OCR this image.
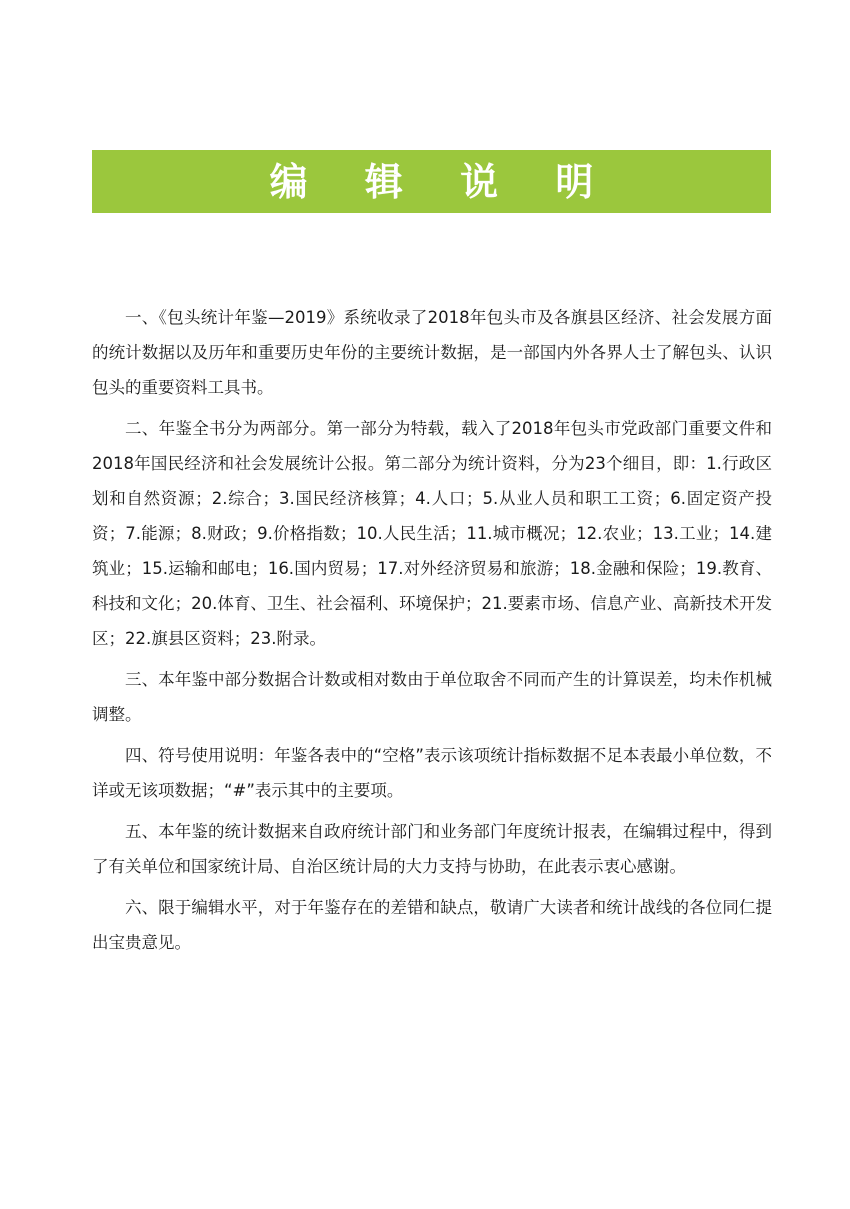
编 辑 说 明

一、《包头统计年鉴—2019》系统收录了2018年包头市及各旗县区经济、社会发展方面的统计数据以及历年和重要历史年份的主要统计数据，是一部国内外各界人士了解包头、认识包头的重要资料工具书。

二、年鉴全书分为两部分。第一部分为特载，载入了2018年包头市党政部门重要文件和2018年国民经济和社会发展统计公报。第二部分为统计资料，分为23个细目，即：1.行政区划和自然资源；2.综合；3.国民经济核算；4.人口；5.从业人员和职工工资；6.固定资产投资；7.能源；8.财政；9.价格指数；10.人民生活；11.城市概况；12.农业；13.工业；14.建筑业；15.运输和邮电；16.国内贸易；17.对外经济贸易和旅游；18.金融和保险；19.教育、科技和文化；20.体育、卫生、社会福利、环境保护；21.要素市场、信息产业、高新技术开发区；22.旗县区资料；23.附录。

三、本年鉴中部分数据合计数或相对数由于单位取舍不同而产生的计算误差，均未作机械调整。

四、符号使用说明：年鉴各表中的“空格”表示该项统计指标数据不足本表最小单位数，不详或无该项数据；“#”表示其中的主要项。

五、本年鉴的统计数据来自政府统计部门和业务部门年度统计报表，在编辑过程中，得到了有关单位和国家统计局、自治区统计局的大力支持与协助，在此表示衷心感谢。

六、限于编辑水平，对于年鉴存在的差错和缺点，敬请广大读者和统计战线的各位同仁提出宝贵意见。
